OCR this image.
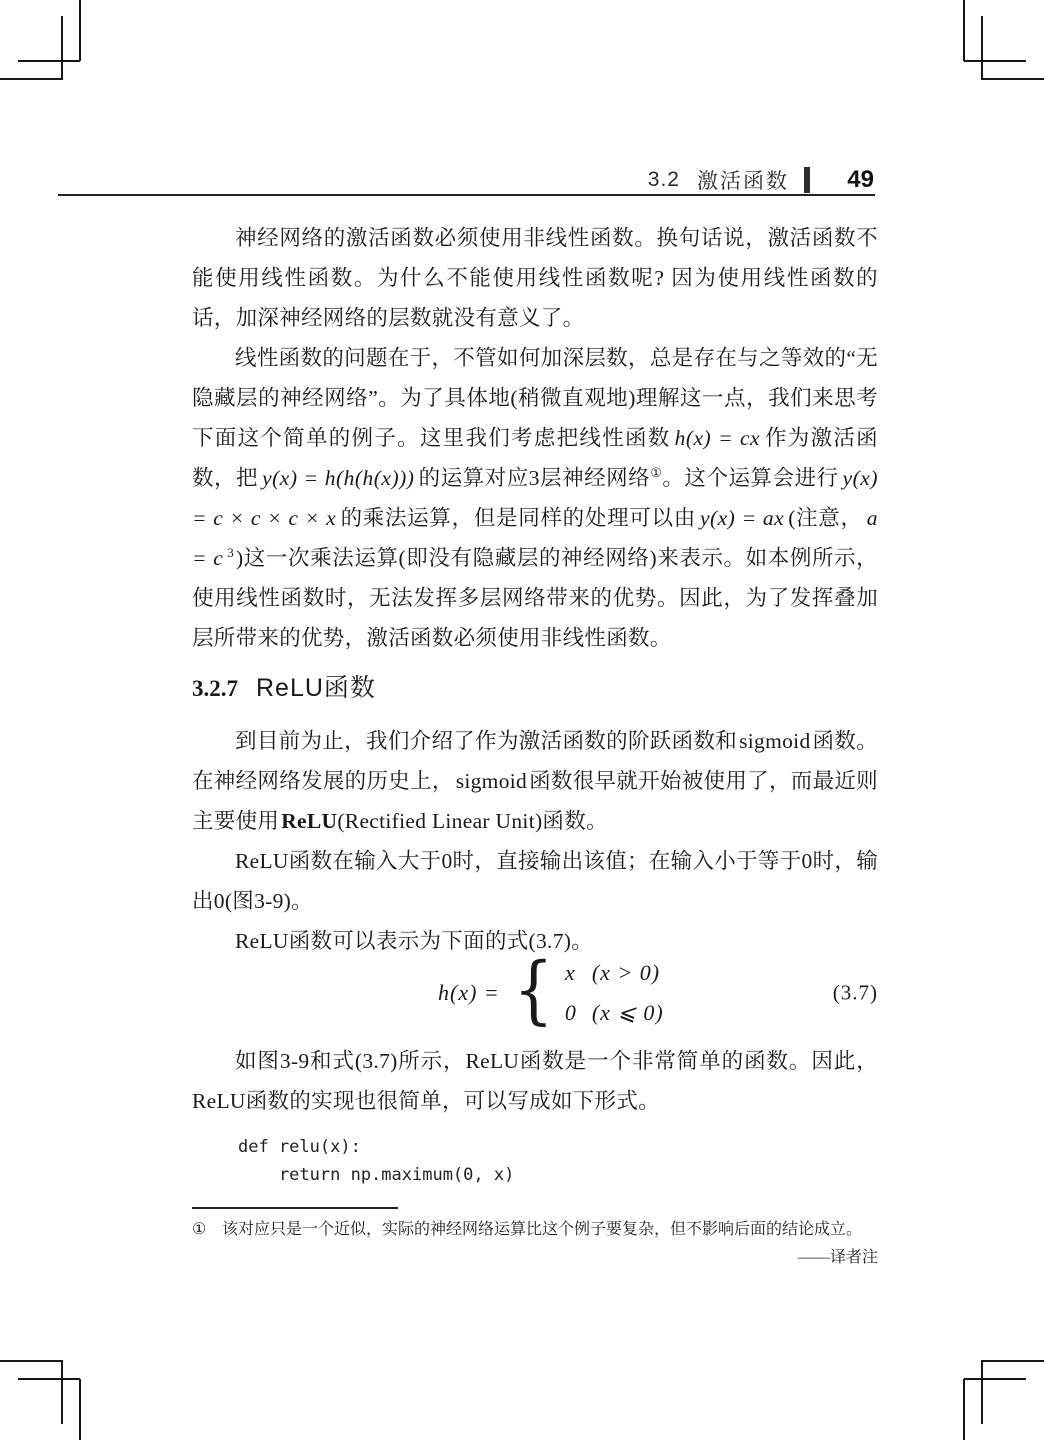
3.2 激活函数	49

神经网络的激活函数必须使用非线性函数。换句话说，激活函数不能使用线性函数。为什么不能使用线性函数呢? 因为使用线性函数的话，加深神经网络的层数就没有意义了。

线性函数的问题在于，不管如何加深层数，总是存在与之等效的“无隐藏层的神经网络”。为了具体地(稍微直观地)理解这一点，我们来思考下面这个简单的例子。这里我们考虑把线性函数 h(x) = cx 作为激活函数，把 y(x) = h(h(h(x))) 的运算对应3层神经网络①。这个运算会进行 y(x) = c × c × c × x 的乘法运算，但是同样的处理可以由 y(x) = ax (注意， a = c $^3$)这一次乘法运算(即没有隐藏层的神经网络)来表示。如本例所示，使用线性函数时，无法发挥多层网络带来的优势。因此，为了发挥叠加层所带来的优势，激活函数必须使用非线性函数。

3.2.7 ReLU函数

到目前为止，我们介绍了作为激活函数的阶跃函数和sigmoid函数。在神经网络发展的历史上，sigmoid函数很早就开始被使用了，而最近则主要使用ReLU(Rectified Linear Unit)函数。

ReLU函数在输入大于0时，直接输出该值；在输入小于等于0时，输出0(图3-9)。

ReLU函数可以表示为下面的式(3.7)。

h(x) = { x (x > 0)
0 (x ⩽ 0)
(3.7)

如图3-9和式(3.7)所示，ReLU函数是一个非常简单的函数。因此，ReLU函数的实现也很简单，可以写成如下形式。

def relu(x):
return np.maximum(0, x)
① 该对应只是一个近似，实际的神经网络运算比这个例子要复杂，但不影响后面的结论成立。
——译者注
